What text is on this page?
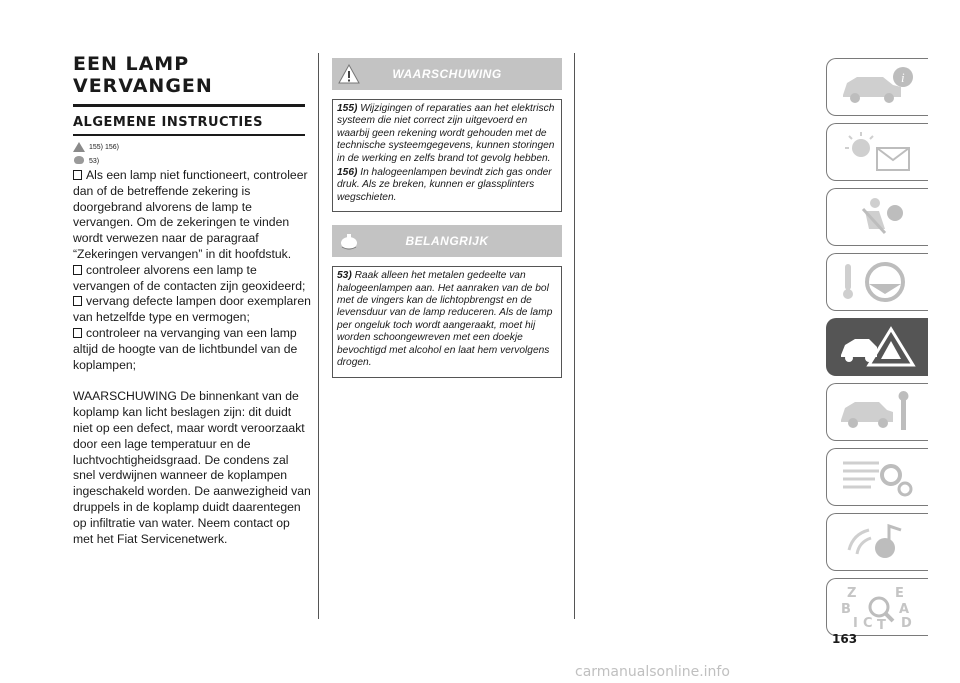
EEN LAMP
VERVANGEN
ALGEMENE INSTRUCTIES
155) 156)
53)

Als een lamp niet functioneert, controleer dan of de betreffende zekering is doorgebrand alvorens de lamp te vervangen. Om de zekeringen te vinden wordt verwezen naar de paragraaf “Zekeringen vervangen” in dit hoofdstuk.

controleer alvorens een lamp te vervangen of de contacten zijn geoxideerd;

vervang defecte lampen door exemplaren van hetzelfde type en vermogen;

controleer na vervanging van een lamp altijd de hoogte van de lichtbundel van de koplampen;

WAARSCHUWING De binnenkant van de koplamp kan licht beslagen zijn: dit duidt niet op een defect, maar wordt veroorzaakt door een lage temperatuur en de luchtvochtigheidsgraad. De condens zal snel verdwijnen wanneer de koplampen ingeschakeld worden. De aanwezigheid van druppels in de koplamp duidt daarentegen op infiltratie van water. Neem contact op met het Fiat Servicenetwerk.

WAARSCHUWING

155) Wijzigingen of reparaties aan het elektrisch systeem die niet correct zijn uitgevoerd en waarbij geen rekening wordt gehouden met de technische systeemgegevens, kunnen storingen in de werking en zelfs brand tot gevolg hebben.

156) In halogeenlampen bevindt zich gas onder druk. Als ze breken, kunnen er glassplinters wegschieten.

BELANGRIJK

53) Raak alleen het metalen gedeelte van halogeenlampen aan. Het aanraken van de bol met de vingers kan de lichtopbrengst en de levensduur van de lamp reduceren. Als de lamp per ongeluk toch wordt aangeraakt, moet hij worden schoongewreven met een doekje bevochtigd met alcohol en laat hem vervolgens drogen.

i
Z	E
B	A
I C T D
163
carmanualsonline.info
